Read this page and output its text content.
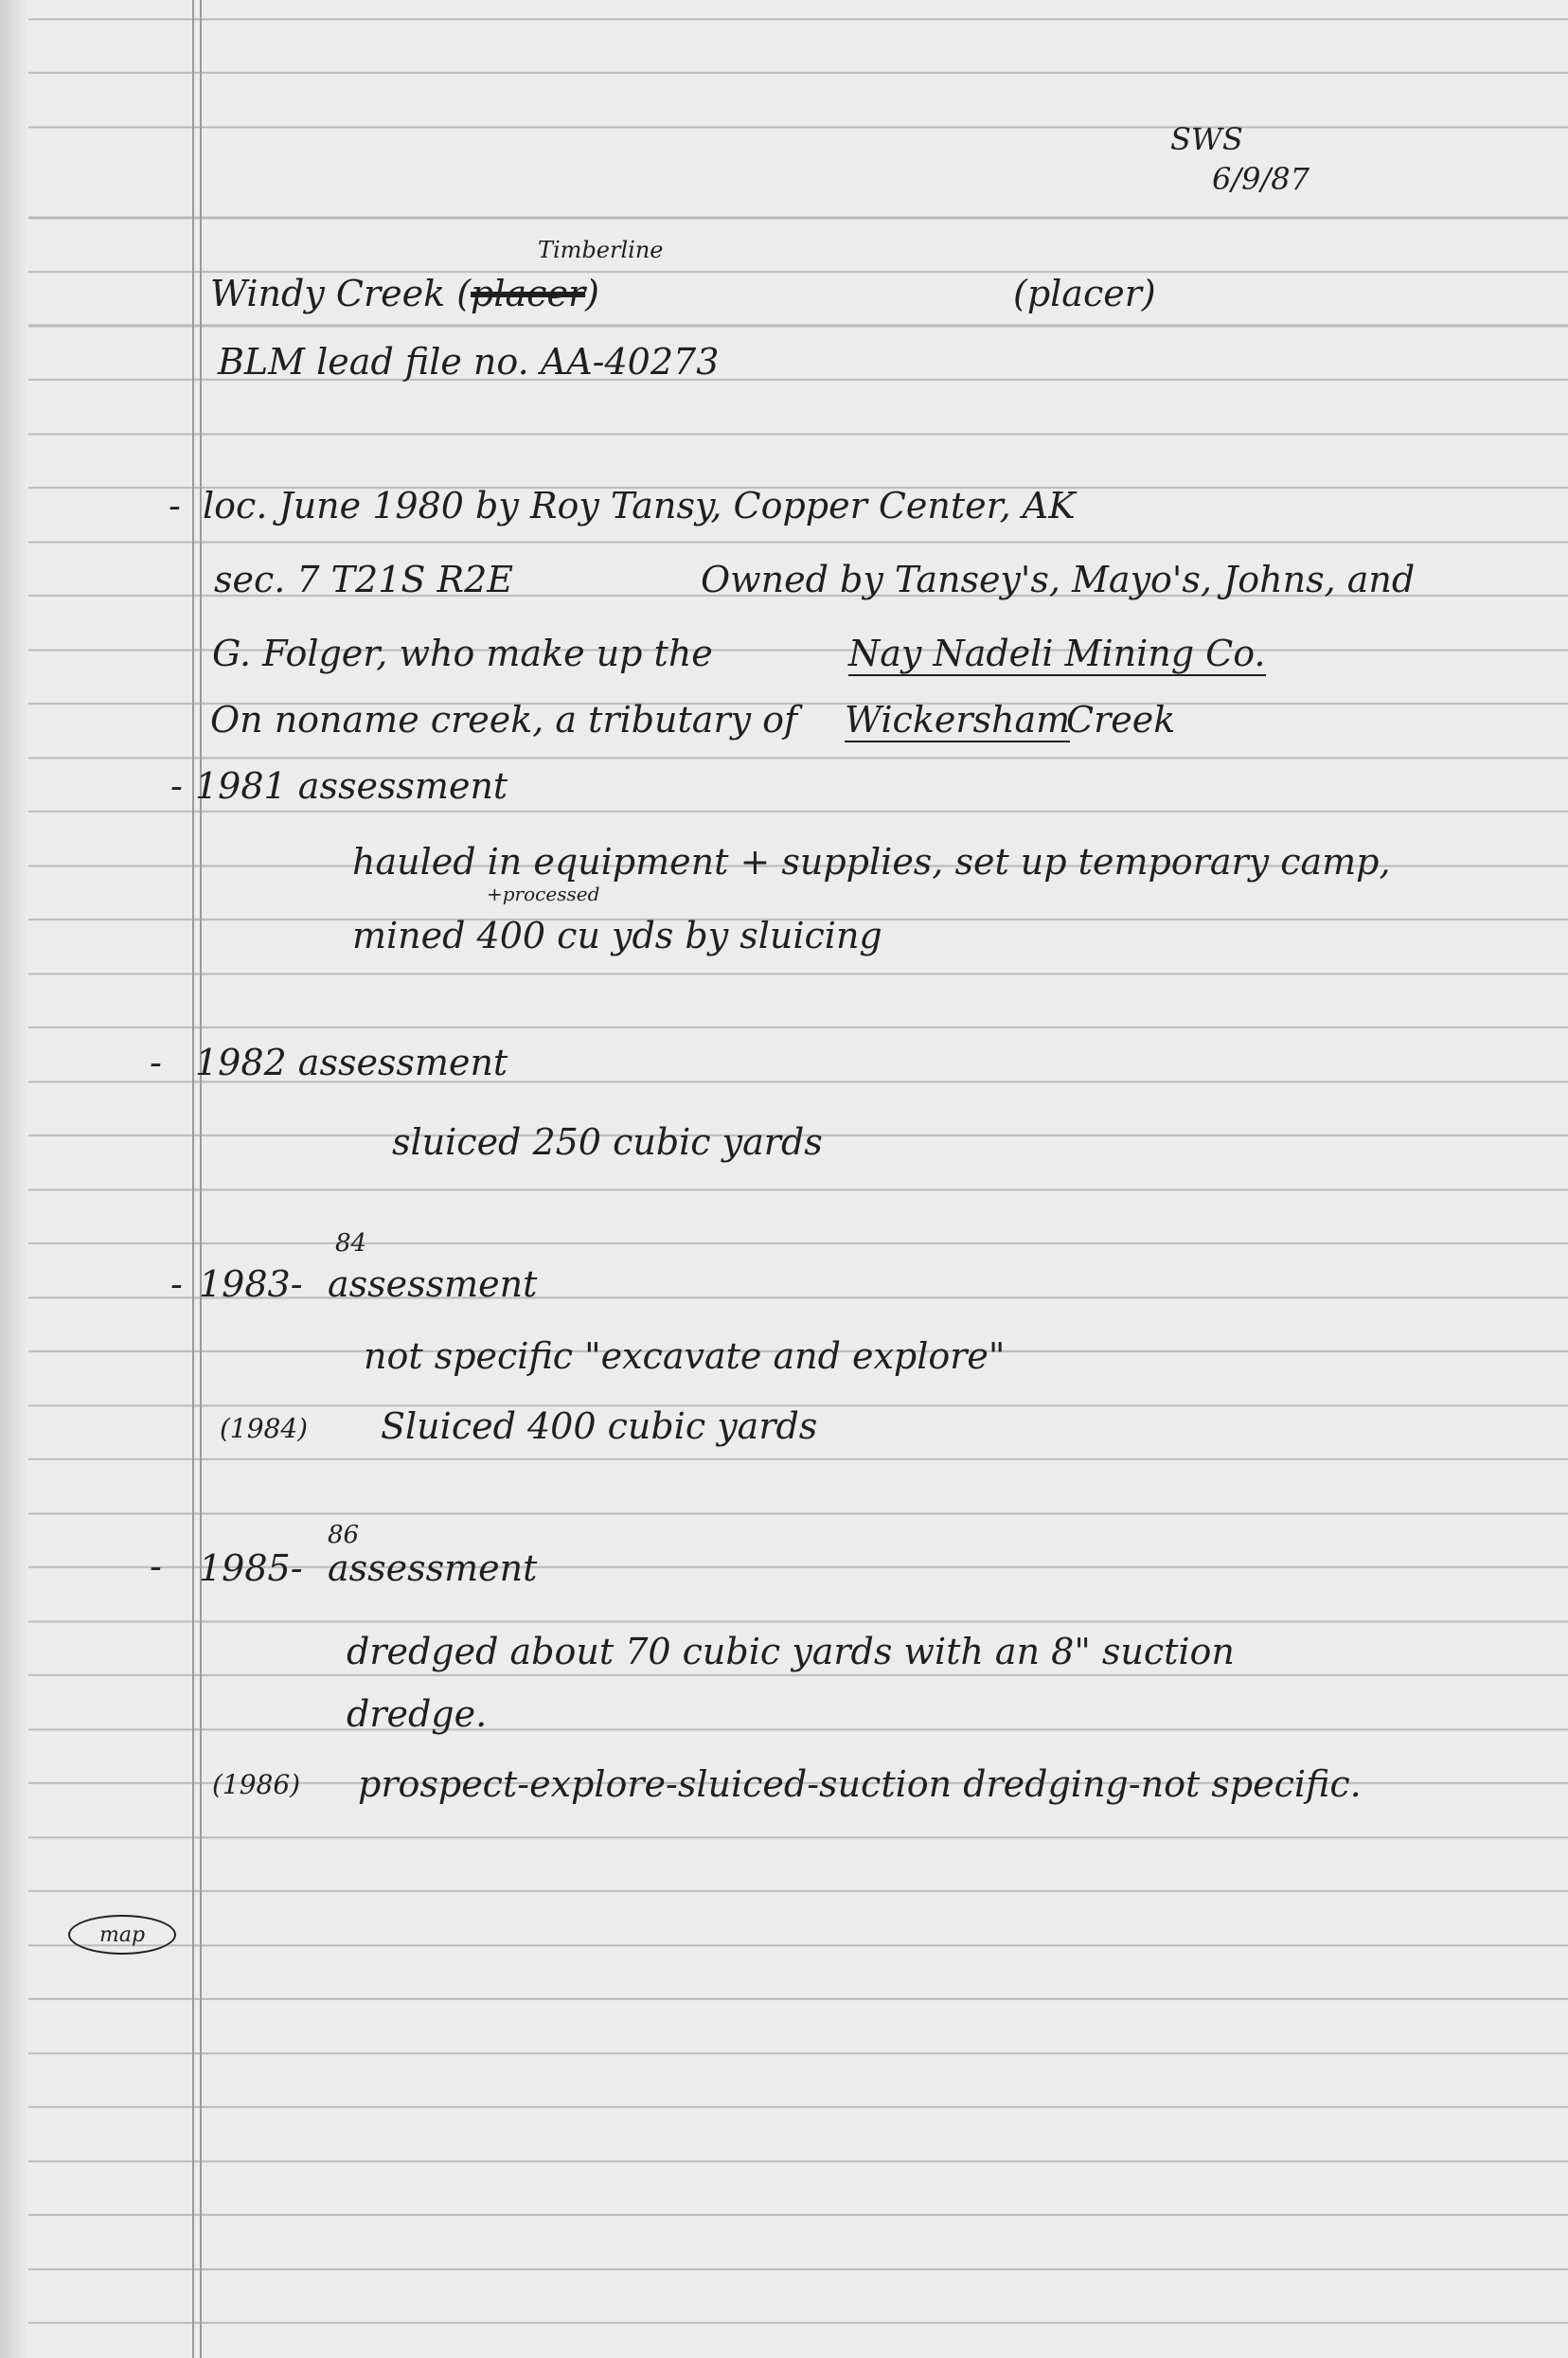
SWS
6/9/87
Timberline
Windy Creek (placer)	(placer)
BLM lead file no. AA-40273
- loc. June 1980 by Roy Tansy, Copper Center, AK
sec. 7 T21S R2E	Owned by Tansey's, Mayo's, Johns, and
G. Folger, who make up the	Nay Nadeli Mining Co.
On noname creek, a tributary of Wickersham
Creek
- 1981 assessment
hauled in equipment + supplies, set up temporary camp,
+processed
mined 400 cu yds by sluicing
- 1982 assessment
sluiced 250 cubic yards
- 1983-
84
assessment
not specific "excavate and explore"
(1984) Sluiced 400 cubic yards
- 1985-
86
assessment
dredged about 70 cubic yards with an 8" suction
dredge.
(1986) prospect-explore-sluiced-suction dredging-not specific.
map
